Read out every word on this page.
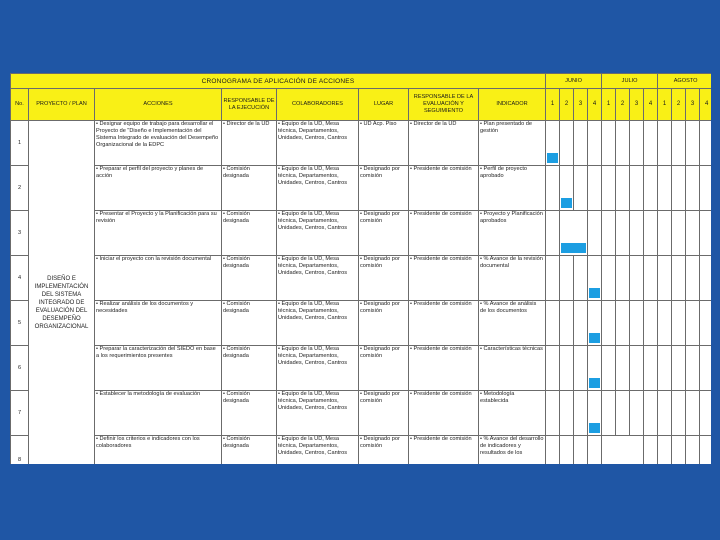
CRONOGRAMA DE APLICACIÓN DE ACCIONES								JUNIO				JULIO				AGOSTO			
No.	PROYECTO / PLAN	ACCIONES	RESPONSABLE DE LA EJECUCIÓN	COLABORADORES	LUGAR	RESPONSABLE DE LA EVALUACIÓN Y SEGUIMIENTO	INDICADOR	1	2	3	4	1	2	3	4	1	2	3	4
1	DISEÑO E IMPLEMENTACIÓN DEL SISTEMA INTEGRADO DE EVALUACIÓN DEL DESEMPEÑO ORGANIZACIONAL	• Designar equipo de trabajo para desarrollar el Proyecto de "Diseño e Implementación del Sistema Integrado de evaluación del Desempeño Organizacional de la EDPC	• Director de la UD	• Equipo de la UD, Mesa técnica, Departamentos, Unidades, Centros, Cantros	• UD Acp. Piso	• Director de la UD	• Plan presentado de gestión	

2		• Preparar el perfil del proyecto y planes de acción	• Comisión designada	• Equipo de la UD, Mesa técnica, Departamentos, Unidades, Centros, Cantros	• Designado por comisión	• Presidente de comisión	• Perfil de proyecto aprobado		

3		• Presentar el Proyecto y la Planificación para su revisión	• Comisión designada	• Equipo de la UD, Mesa técnica, Departamentos, Unidades, Centros, Cantros	• Designado por comisión	• Presidente de comisión	• Proyecto y Planificación aprobados			

4		• Iniciar el proyecto con la revisión documental	• Comisión designada	• Equipo de la UD, Mesa técnica, Departamentos, Unidades, Centros, Cantros	• Designado por comisión	• Presidente de comisión	• % Avance de la revisión documental				

5		• Realizar análisis de los documentos y necesidades	• Comisión designada	• Equipo de la UD, Mesa técnica, Departamentos, Unidades, Centros, Cantros	• Designado por comisión	• Presidente de comisión	• % Avance de análisis de los documentos				

6		• Preparar la caracterización del SIEDO en base a los requerimientos presentes	• Comisión designada	• Equipo de la UD, Mesa técnica, Departamentos, Unidades, Centros, Cantros	• Designado por comisión	• Presidente de comisión	• Características técnicas				

7		• Establecer la metodología de evaluación	• Comisión designada	• Equipo de la UD, Mesa técnica, Departamentos, Unidades, Centros, Cantros	• Designado por comisión	• Presidente de comisión	• Metodología establecida				

8		• Definir los criterios e indicadores con los colaboradores	• Comisión designada	• Equipo de la UD, Mesa técnica, Departamentos, Unidades, Centros, Cantros	• Designado por comisión	• Presidente de comisión	• % Avance del desarrollo de indicadores y resultados de los							
